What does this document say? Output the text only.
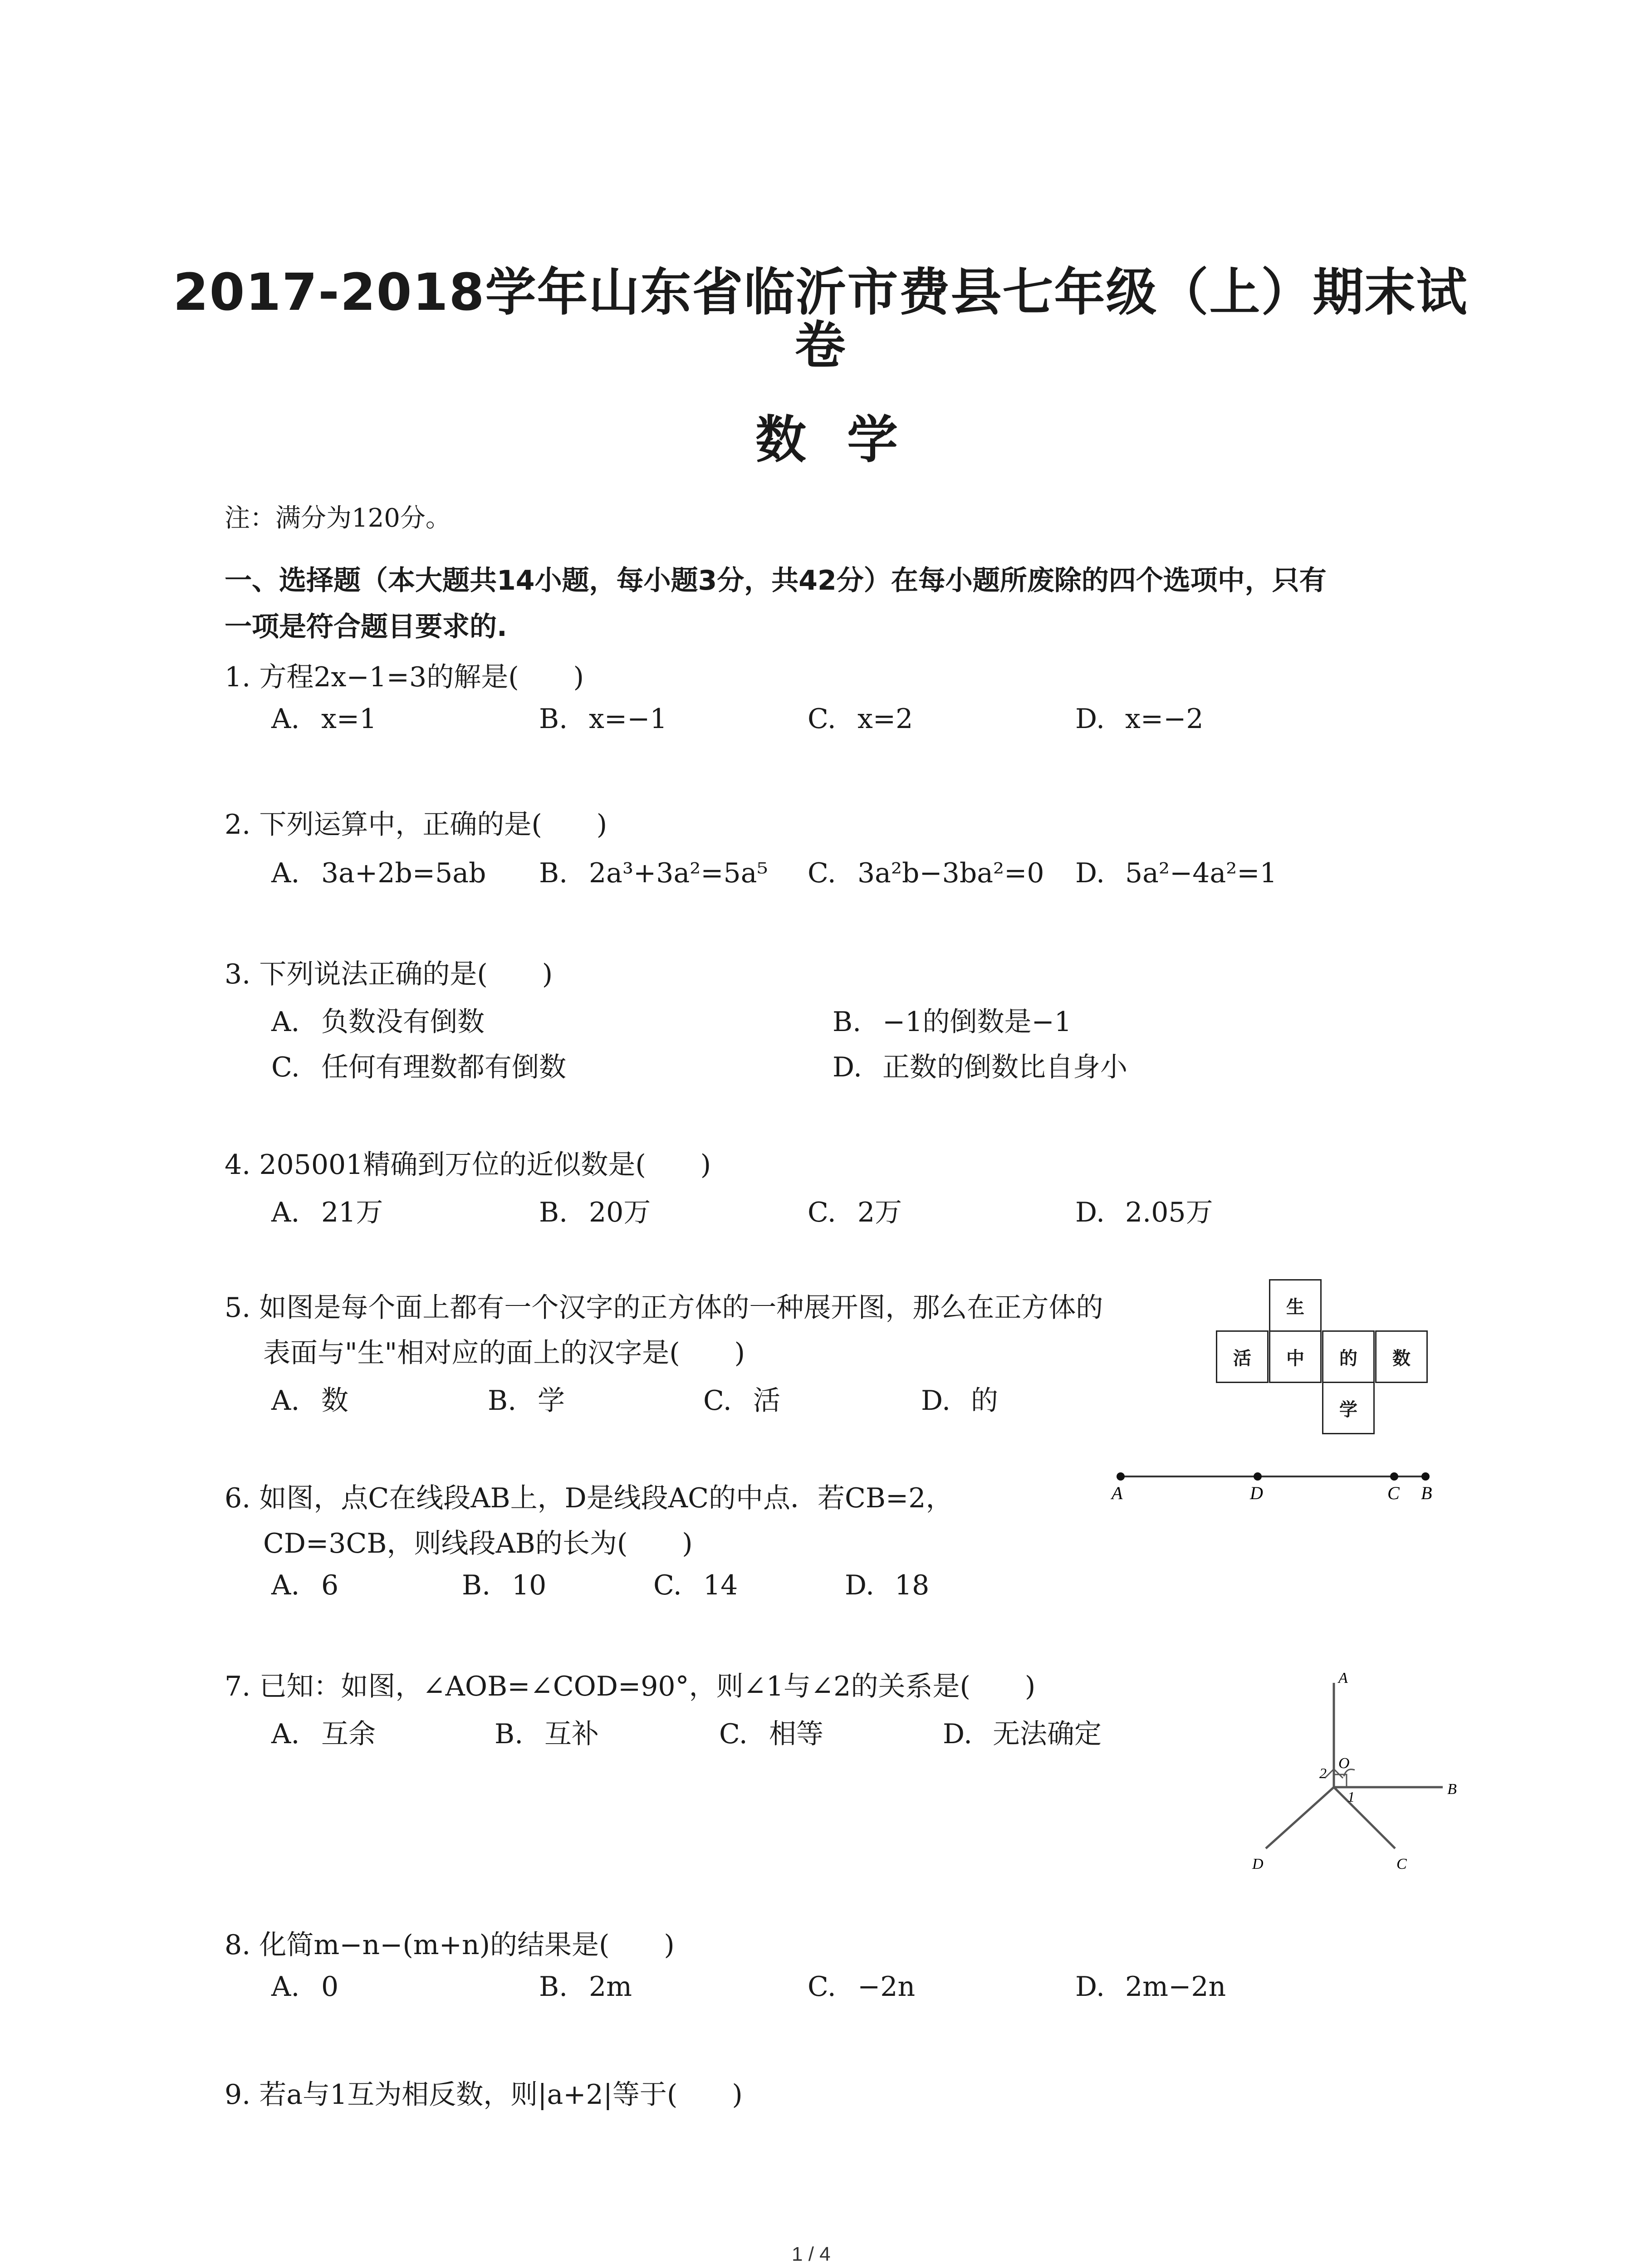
2017-2018学年山东省临沂市费县七年级（上）期末试
卷
数学
注：满分为120分。
一、选择题（本大题共14小题，每小题3分，共42分）在每小题所废除的四个选项中，只有
一项是符合题目要求的.
1. 方程2x−1=3的解是(　　)
A. x=1	B. x=−1	C. x=2	D. x=−2
2. 下列运算中，正确的是(　　)
A. 3a+2b=5ab B. 2a³+3a²=5a⁵ C. 3a²b−3ba²=0 D. 5a²−4a²=1
3. 下列说法正确的是(　　)
A. 负数没有倒数	B. −1的倒数是−1
C. 任何有理数都有倒数	D. 正数的倒数比自身小
4. 205001精确到万位的近似数是(　　)
A. 21万	B. 20万	C. 2万	D. 2.05万
5. 如图是每个面上都有一个汉字的正方体的一种展开图，那么在正方体的
表面与"生"相对应的面上的汉字是(　　)
A. 数	B. 学	C. 活	D. 的
生
活	中	的	数
学
6. 如图，点C在线段AB上，D是线段AC的中点．若CB=2，
CD=3CB，则线段AB的长为(　　)
A. 6	B. 10	C. 14	D. 18
A	D	C B
7. 已知：如图，∠AOB=∠COD=90°，则∠1与∠2的关系是(　　)
A. 互余	B. 互补	C. 相等	D. 无法确定
O
A
B
C
D
1
2
8. 化简m−n−(m+n)的结果是(　　)
A. 0	B. 2m	C. −2n	D. 2m−2n
9. 若a与1互为相反数，则|a+2|等于(　　)
1 / 4
